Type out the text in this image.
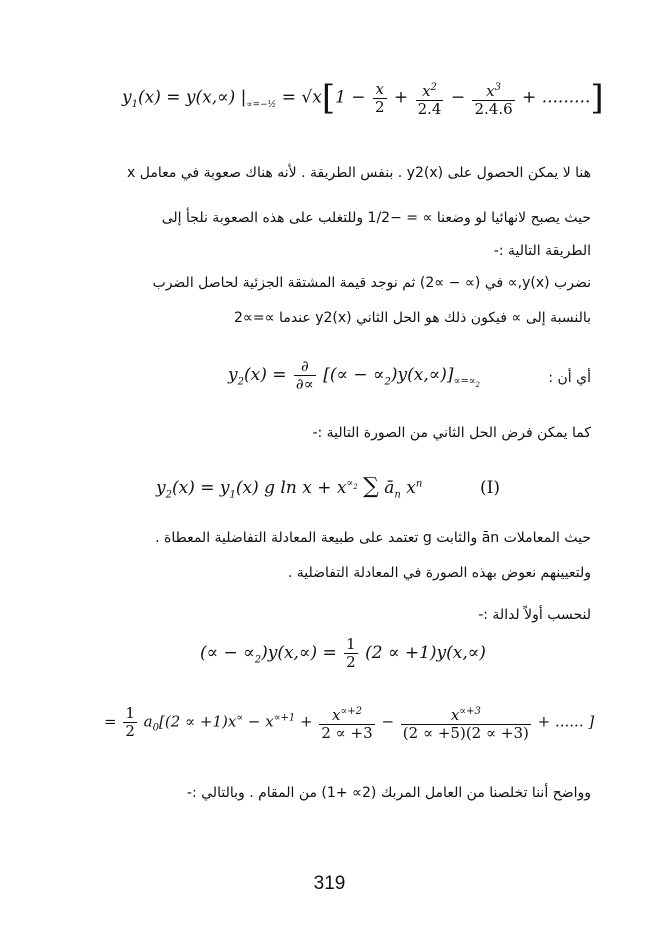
$y_1(x) = y(x,\propto) |_{\propto=-\frac{1}{2}} = √x[1 - \frac{x}{2} + \frac{x^2}{2.4} - \frac{x^3}{2.4.6}$ + .........]
هنا لا يمكن الحصول على (y2(x . بنفس الطريقة . لأنه هناك صعوبة في معامل x
حيث يصبح لانهائيا لو وضعنا ∝ = −1/2 وللتغلب على هذه الصعوبة نلجأ إلى
الطريقة التالية :-
نضرب (y(x,∝ في (∝ − ∝2) ثم نوجد قيمة المشتقة الجزئية لحاصل الضرب
بالنسبة إلى ∝ فيكون ذلك هو الحل الثاني (y2(x عندما ∝=∝2
أي أن :
$y_2(x) = \frac{\partial}{\partial\propto}$ [(∝ − $\propto_2)y(x,\propto)]_{\propto=\propto_2}$
كما يمكن فرض الحل الثاني من الصورة التالية :-
$y_2(x) = y_1(x)$ g $\ln x + x^{\propto_2}$ ∑ $ā_n$ $x^n$	(I)
حيث المعاملات ān والثابت g تعتمد على طبيعة المعادلة التفاضلية المعطاة .
ولتعيينهم نعوض بهذه الصورة في المعادلة التفاضلية .
لنحسب أولاً لدالة :-
(∝ − $\propto_2)y(x,\propto) = \frac{1}{2} (2 \propto +1)y(x,\propto)$
= $\frac{1}{2} a_0[(2 \propto +1)x^\propto - x^{\propto+1} + \frac{x^{\propto+2}}{2 \propto +3} - \frac{x^{\propto+3}}{(2 \propto +5)(2 \propto +3)}$ + ...... ]
وواضح أننا تخلصنا من العامل المربك (2∝ +1) من المقام . وبالتالي :-
319
